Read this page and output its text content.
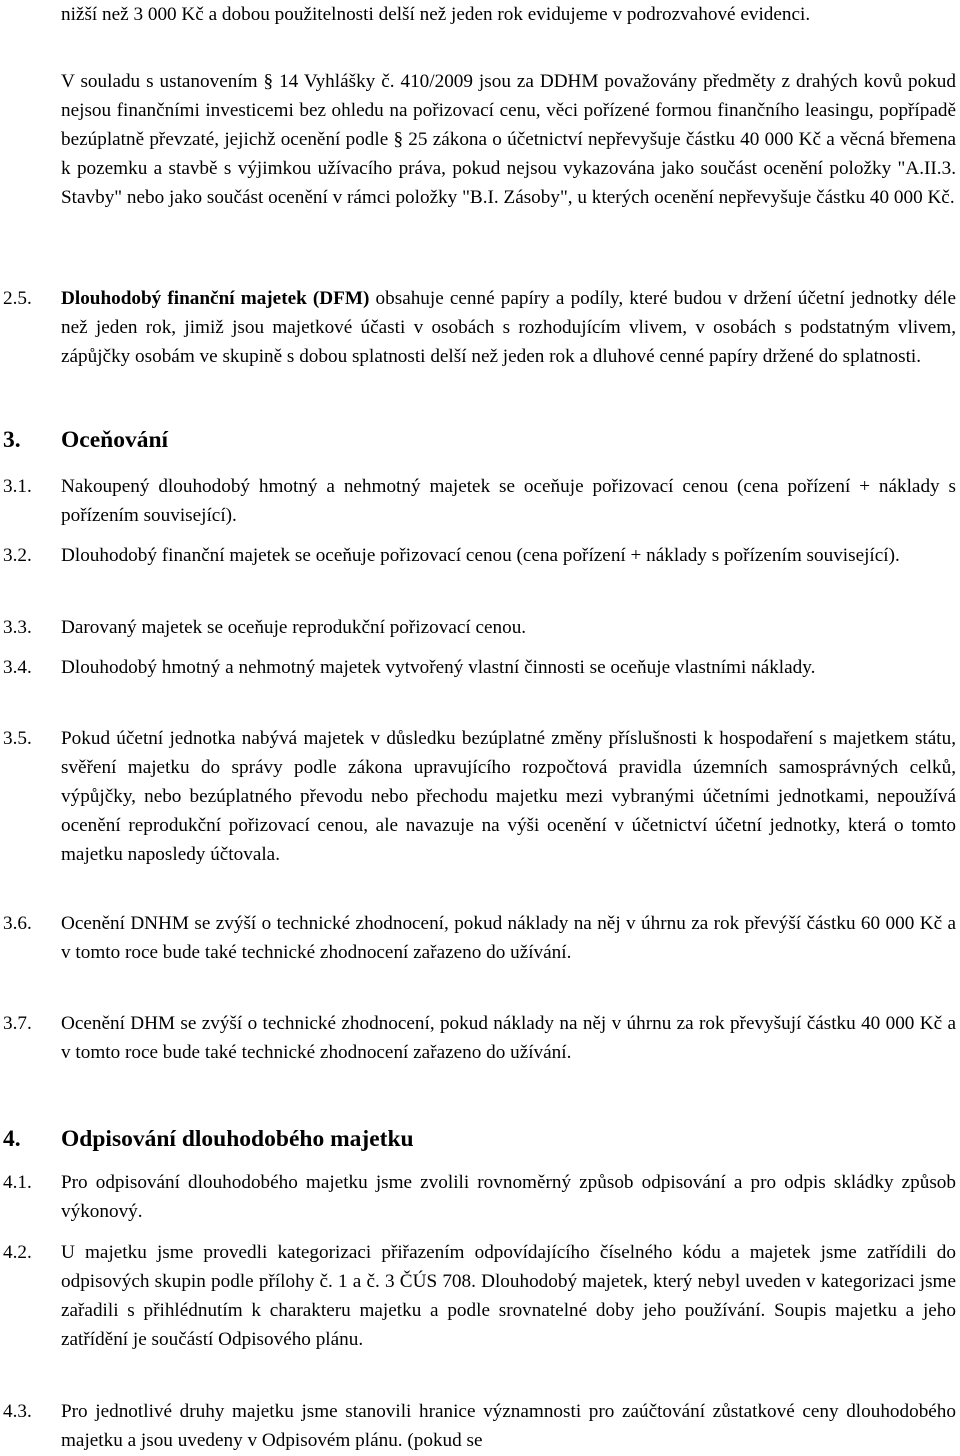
nižší než 3 000 Kč a dobou použitelnosti delší než jeden rok evidujeme v podrozvahové evidenci.
V souladu s ustanovením § 14 Vyhlášky č. 410/2009 jsou za DDHM považovány předměty z drahých kovů pokud nejsou finančními investicemi bez ohledu na pořizovací cenu, věci pořízené formou finančního leasingu, popřípadě bezúplatně převzaté, jejichž ocenění podle § 25 zákona o účetnictví nepřevyšuje částku 40 000 Kč a věcná břemena k pozemku a stavbě s výjimkou užívacího práva, pokud nejsou vykazována jako součást ocenění položky "A.II.3. Stavby" nebo jako součást ocenění v rámci položky "B.I. Zásoby", u kterých ocenění nepřevyšuje částku 40 000 Kč.
2.5. Dlouhodobý finanční majetek (DFM) obsahuje cenné papíry a podíly, které budou v držení účetní jednotky déle než jeden rok, jimiž jsou majetkové účasti v osobách s rozhodujícím vlivem, v osobách s podstatným vlivem, zápůjčky osobám ve skupině s dobou splatnosti delší než jeden rok a dluhové cenné papíry držené do splatnosti.
3. Oceňování
3.1. Nakoupený dlouhodobý hmotný a nehmotný majetek se oceňuje pořizovací cenou (cena pořízení + náklady s pořízením související).
3.2. Dlouhodobý finanční majetek se oceňuje pořizovací cenou (cena pořízení + náklady s pořízením související).
3.3. Darovaný majetek se oceňuje reprodukční pořizovací cenou.
3.4. Dlouhodobý hmotný a nehmotný majetek vytvořený vlastní činnosti se oceňuje vlastními náklady.
3.5. Pokud účetní jednotka nabývá majetek v důsledku bezúplatné změny příslušnosti k hospodaření s majetkem státu, svěření majetku do správy podle zákona upravujícího rozpočtová pravidla územních samosprávných celků, výpůjčky, nebo bezúplatného převodu nebo přechodu majetku mezi vybranými účetními jednotkami, nepoužívá ocenění reprodukční pořizovací cenou, ale navazuje na výši ocenění v účetnictví účetní jednotky, která o tomto majetku naposledy účtovala.
3.6. Ocenění DNHM se zvýší o technické zhodnocení, pokud náklady na něj v úhrnu za rok převýší částku 60 000 Kč a v tomto roce bude také technické zhodnocení zařazeno do užívání.
3.7. Ocenění DHM se zvýší o technické zhodnocení, pokud náklady na něj v úhrnu za rok převyšují částku 40 000 Kč a v tomto roce bude také technické zhodnocení zařazeno do užívání.
4. Odpisování dlouhodobého majetku
4.1. Pro odpisování dlouhodobého majetku jsme zvolili rovnoměrný způsob odpisování a pro odpis skládky způsob výkonový.
4.2. U majetku jsme provedli kategorizaci přiřazením odpovídajícího číselného kódu a majetek jsme zatřídili do odpisových skupin podle přílohy č. 1 a č. 3 ČÚS 708. Dlouhodobý majetek, který nebyl uveden v kategorizaci jsme zařadili s přihlédnutím k charakteru majetku a podle srovnatelné doby jeho používání. Soupis majetku a jeho zatřídění je součástí Odpisového plánu.
4.3. Pro jednotlivé druhy majetku jsme stanovili hranice významnosti pro zaúčtování zůstatkové ceny dlouhodobého majetku a jsou uvedeny v Odpisovém plánu. (pokud se
